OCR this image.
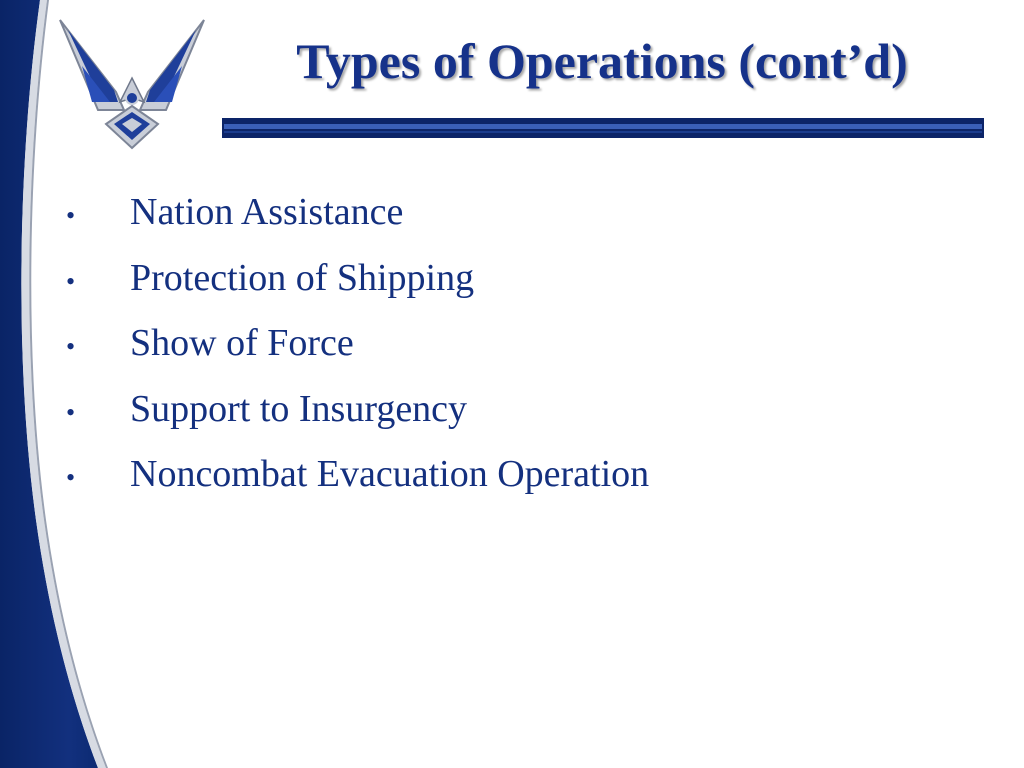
Types of Operations (cont’d)
•	Nation Assistance
•	Protection of Shipping
•	Show of Force
•	Support to Insurgency
•	Noncombat Evacuation Operation
